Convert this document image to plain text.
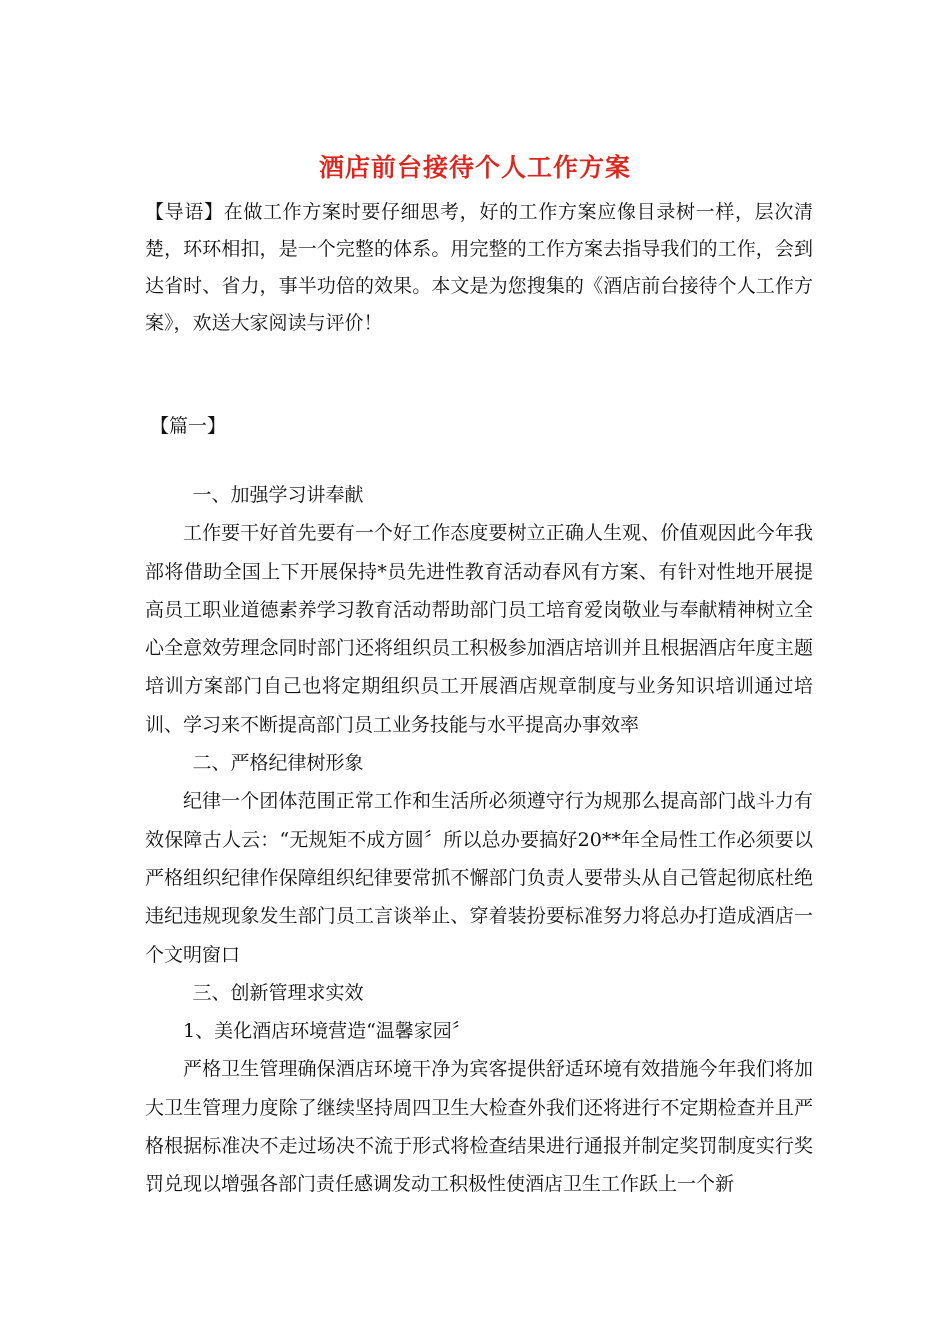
酒店前台接待个人工作方案
【导语】在做工作方案时要仔细思考，好的工作方案应像目录树一样，层次清楚，环环相扣，是一个完整的体系。用完整的工作方案去指导我们的工作，会到达省时、省力，事半功倍的效果。本文是为您搜集的《酒店前台接待个人工作方案》，欢送大家阅读与评价！
【篇一】

一、加强学习讲奉献

工作要干好首先要有一个好工作态度要树立正确人生观、价值观因此今年我部将借助全国上下开展保持*员先进性教育活动春风有方案、有针对性地开展提高员工职业道德素养学习教育活动帮助部门员工培育爱岗敬业与奉献精神树立全心全意效劳理念同时部门还将组织员工积极参加酒店培训并且根据酒店年度主题培训方案部门自己也将定期组织员工开展酒店规章制度与业务知识培训通过培训、学习来不断提高部门员工业务技能与水平提高办事效率

二、严格纪律树形象

纪律一个团体范围正常工作和生活所必须遵守行为规那么提高部门战斗力有效保障古人云：“无规矩不成方圆〞所以总办要搞好20**年全局性工作必须要以严格组织纪律作保障组织纪律要常抓不懈部门负责人要带头从自己管起彻底杜绝违纪违规现象发生部门员工言谈举止、穿着装扮要标准努力将总办打造成酒店一个文明窗口

三、创新管理求实效

1、美化酒店环境营造“温馨家园〞

严格卫生管理确保酒店环境干净为宾客提供舒适环境有效措施今年我们将加大卫生管理力度除了继续坚持周四卫生大检查外我们还将进行不定期检查并且严格根据标准决不走过场决不流于形式将检查结果进行通报并制定奖罚制度实行奖罚兑现以增强各部门责任感调发动工积极性使酒店卫生工作跃上一个新
